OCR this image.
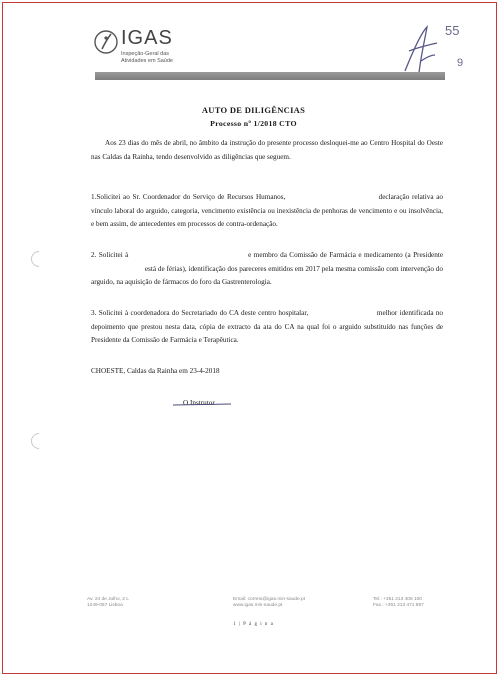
IGAS
Inspeção-Geral das
Atividades em Saúde
55
9
AUTO DE DILIGÊNCIAS
Processo nº 1/2018 CTO
Aos 23 dias do mês de abril, no âmbito da instrução do presente processo desloquei-me ao Centro Hospital do Oeste nas Caldas da Rainha, tendo desenvolvido as diligências que seguem.
1.Solicitei ao Sr. Coordenador do Serviço de Recursos Humanos,	declaração relativa ao vínculo laboral do arguido, categoria, vencimento existência ou inexistência de penhoras de vencimento e ou insolvência, e bem assim, de antecedentes em processos de contra-ordenação.
2. Solicitei à	e membro da Comissão de Farmácia e medicamento (a Presidente  está de férias), identificação dos pareceres emitidos em 2017 pela mesma comissão com intervenção do arguido, na aquisição de fármacos do foro da Gastrenterologia.
3. Solicitei à coordenadora do Secretariado do CA deste centro hospitalar,	melhor identificada no depoimento que prestou nesta data, cópia de extracto da ata do CA na qual foi o arguido substituído nas funções de Presidente da Comissão de Farmácia e Terapêutica.
CHOESTE, Caldas da Rainha em 23-4-2018
O Instrutor
Av. 24 de Julho, 2 L
1249-057 Lisboa
Email: correio@igas.min-saude.pt
www.igas.min-saude.pt
Tel.: +351 213 408 100
Fax.: +351 213 471 897
1 | P á g i n a
